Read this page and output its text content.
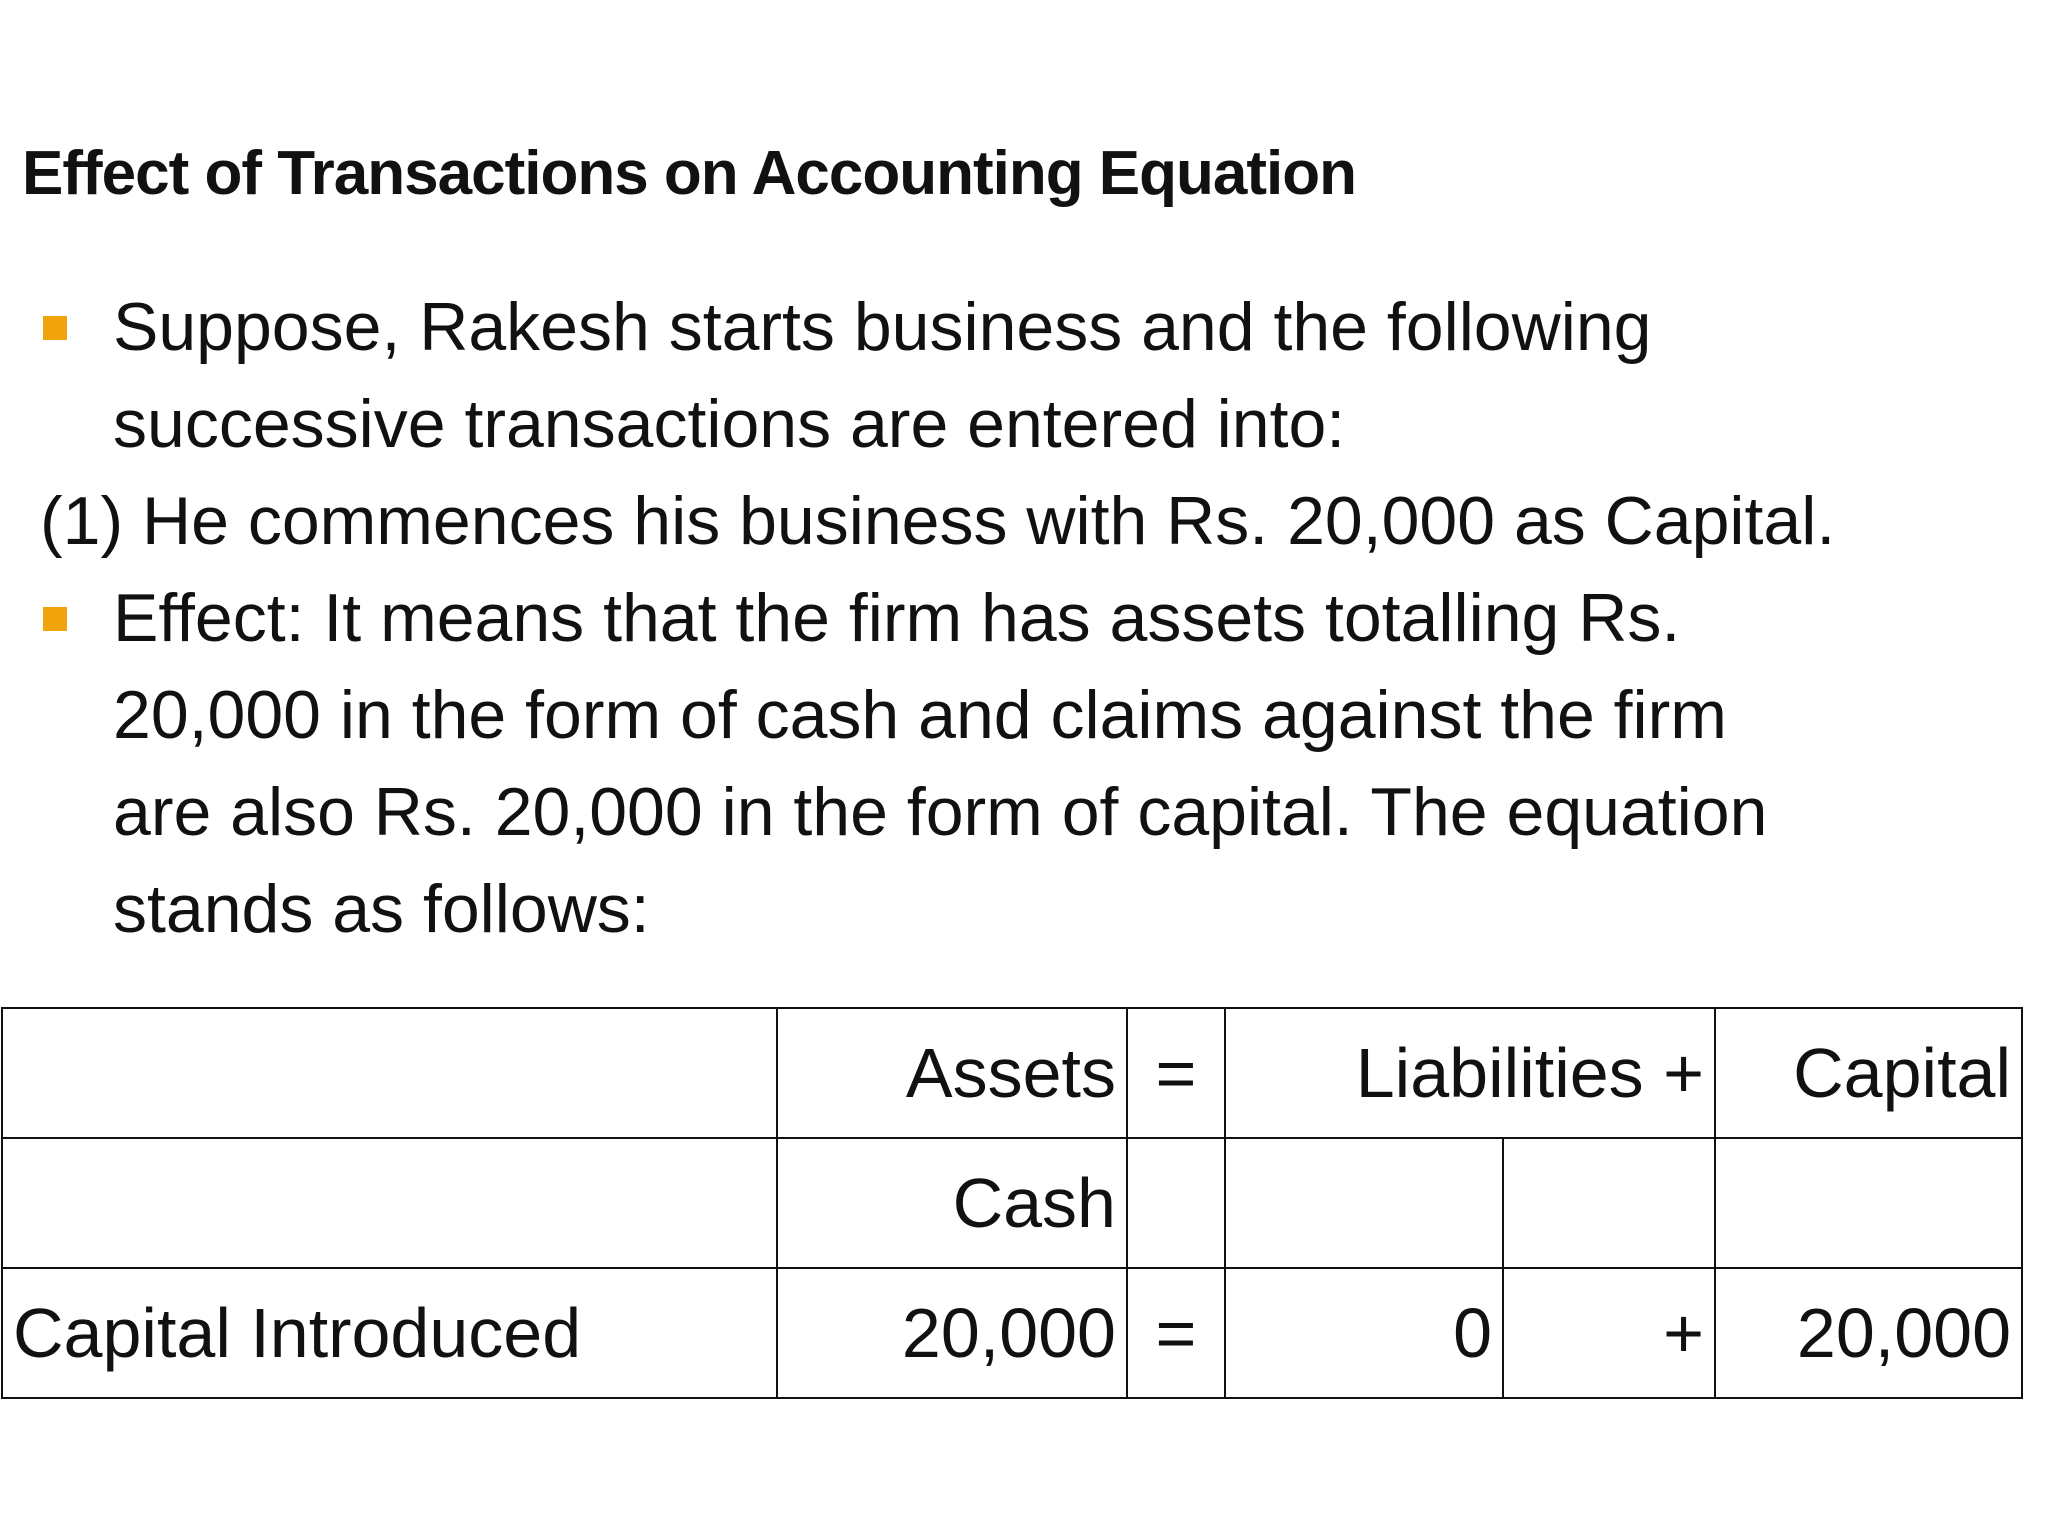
Effect of Transactions on Accounting Equation
Suppose, Rakesh starts business and the following
successive transactions are entered into:
(1) He commences his business with Rs. 20,000 as Capital.
Effect: It means that the firm has assets totalling Rs.
20,000 in the form of cash and claims against the firm
are also Rs. 20,000 in the form of capital. The equation
stands as follows:
	Assets	=	Liabilities +		Capital
	Cash				
Capital Introduced	20,000	=	0	+	20,000
